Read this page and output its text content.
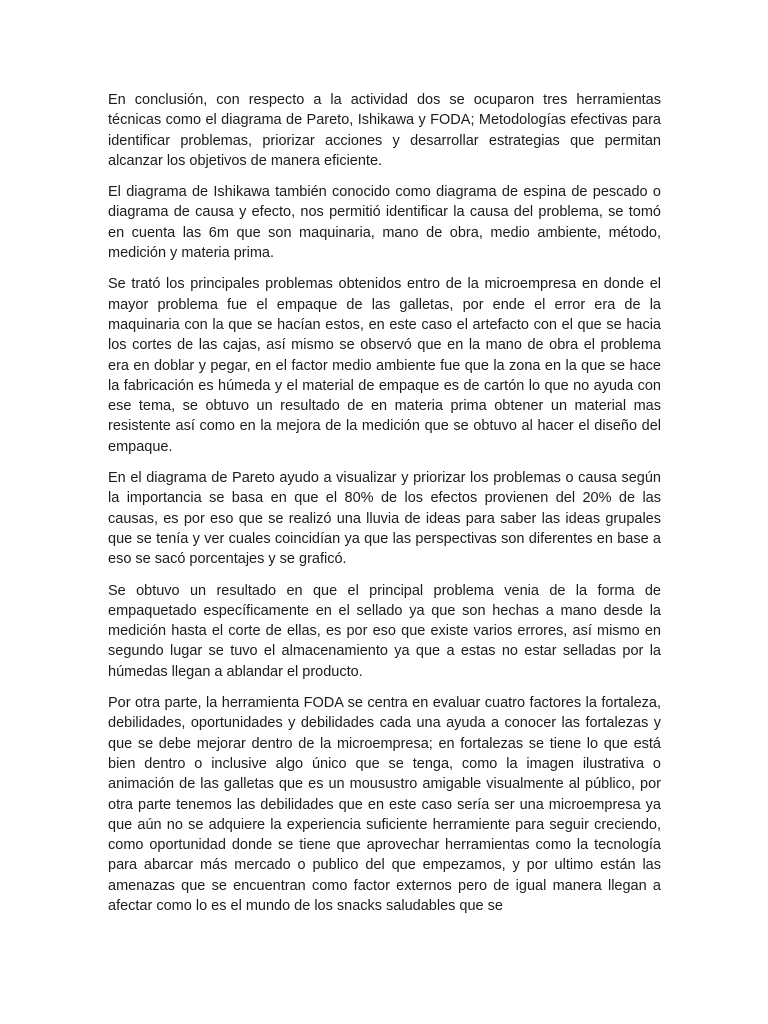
En conclusión, con respecto a la actividad dos se ocuparon tres herramientas técnicas como el diagrama de Pareto, Ishikawa y FODA; Metodologías efectivas para identificar problemas, priorizar acciones y desarrollar estrategias que permitan alcanzar los objetivos de manera eficiente.

El diagrama de Ishikawa también conocido como diagrama de espina de pescado o diagrama de causa y efecto, nos permitió identificar la causa del problema, se tomó en cuenta las 6m que son maquinaria, mano de obra, medio ambiente, método, medición y materia prima.

Se trató los principales problemas obtenidos entro de la microempresa en donde el mayor problema fue el empaque de las galletas, por ende el error era de la maquinaria con la que se hacían estos, en este caso el artefacto con el que se hacia los cortes de las cajas, así mismo se observó que en la mano de obra el problema era en doblar y pegar, en el factor medio ambiente fue que la zona en la que se hace la fabricación es húmeda y el material de empaque es de cartón lo que no ayuda con ese tema, se obtuvo un resultado de en materia prima obtener un material mas resistente así como en la mejora de la medición que se obtuvo al hacer el diseño del empaque.

En el diagrama de Pareto ayudo a visualizar y priorizar los problemas o causa según la importancia se basa en que el 80% de los efectos provienen del 20% de las causas, es por eso que se realizó una lluvia de ideas para saber las ideas grupales que se tenía y ver cuales coincidían ya que las perspectivas son diferentes en base a eso se sacó porcentajes y se graficó.

Se obtuvo un resultado en que el principal problema venia de la forma de empaquetado específicamente en el sellado ya que son hechas a mano desde la medición hasta el corte de ellas, es por eso que existe varios errores, así mismo en segundo lugar se tuvo el almacenamiento ya que a estas no estar selladas por la húmedas llegan a ablandar el producto.

Por otra parte, la herramienta FODA se centra en evaluar cuatro factores la fortaleza, debilidades, oportunidades y debilidades cada una ayuda a conocer las fortalezas y que se debe mejorar dentro de la microempresa; en fortalezas se tiene lo que está bien dentro o inclusive algo único que se tenga, como la imagen ilustrativa o animación de las galletas que es un mousustro amigable visualmente al público, por otra parte tenemos las debilidades que en este caso sería ser una microempresa ya que aún no se adquiere la experiencia suficiente herramiente para seguir creciendo, como oportunidad donde se tiene que aprovechar herramientas como la tecnología para abarcar más mercado o publico del que empezamos, y por ultimo están las amenazas que se encuentran como factor externos pero de igual manera llegan a afectar como lo es el mundo de los snacks saludables que se
